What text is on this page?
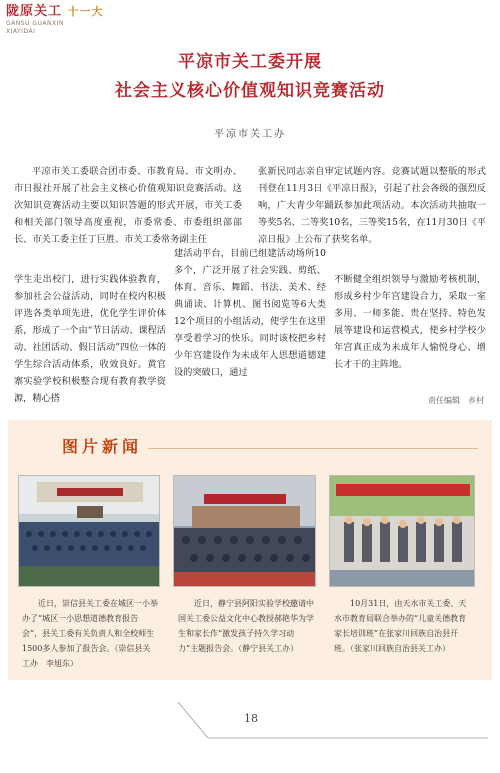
陇原关工 十一大
GANSU GUANXIN
XIAYIDAI
平凉市关工委开展
社会主义核心价值观知识竞赛活动
平凉市关工办
平凉市关工委联合团市委、市教育局、市文明办、市日报社开展了社会主义核心价值观知识竞赛活动。这次知识竞赛活动主要以知识答题的形式开展，市关工委和相关部门领导高度重视，市委常委、市委组织部部长、市关工委主任丁巨胜、市关工委常务副主任
张新民同志亲自审定试题内容。竞赛试题以整版的形式刊登在11月3日《平凉日报》，引起了社会各级的强烈反响，广大青少年踊跃参加此项活动。本次活动共抽取一等奖5名、二等奖10名，三等奖15名，在11月30日《平凉日报》上公布了获奖名单。
学生走出校门，进行实践体验教育，参加社会公益活动，同时在校内积极评选各类单项先进，优化学生评价体系，形成了一个由“节日活动、课程活动、社团活动、假日活动”四位一体的学生综合活动体系，收效良好。黄官寨实验学校积极整合现有教育教学资源，精心搭
建活动平台，目前已组建活动场所10多个，广泛开展了社会实践、剪纸、体育、音乐、舞蹈、书法、美术、经典诵读、计算机、图书阅览等6大类12个项目的小组活动，使学生在这里享受着学习的快乐。同时该校把乡村少年宫建设作为未成年人思想道德建设的突破口，通过
不断健全组织领导与激励考核机制，形成乡村少年宫建设合力，采取一室多用、一师多能、贵在坚持、特色发展等建设和运营模式，使乡村学校少年宫真正成为未成年人愉悦身心、增长才干的主阵地。
责任编辑　乡村
图片新闻
近日，崇信县关工委在城区一小举办了“城区一小思想道德教育报告会”，县关工委有关负责人和全校师生1500多人参加了报告会。（崇信县关工办　李旭东）
近日，静宁县阿阳实验学校邀请中国关工委公益文化中心教授郝艳华为学生和家长作“激发孩子持久学习动力”主题报告会。（静宁县关工办）
10月31日，由天水市关工委、天水市教育局联合举办的“儿童关德教育家长培训班”在张家川回族自治县开班。（张家川回族自治县关工办）
18
